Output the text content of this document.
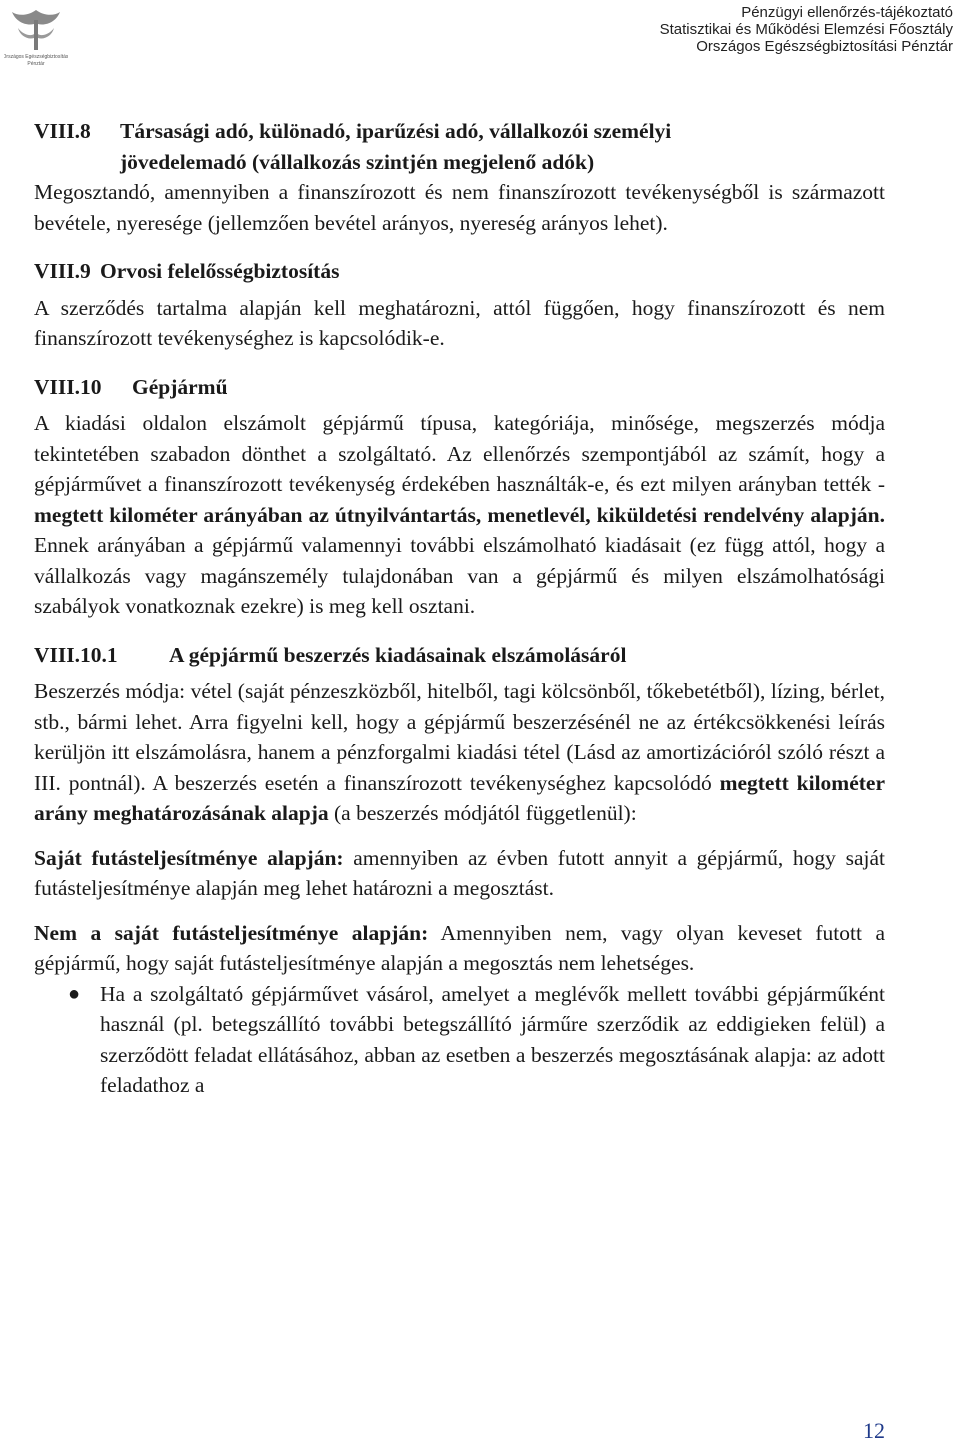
Országos Egészségbiztosítási
Pénztár
Pénzügyi ellenőrzés-tájékoztató
Statisztikai és Működési Elemzési Főosztály
Országos Egészségbiztosítási Pénztár

VIII.8 Társasági adó, különadó, iparűzési adó, vállalkozói személyi

jövedelemadó (vállalkozás szintjén megjelenő adók)

Megosztandó, amennyiben a finanszírozott és nem finanszírozott tevékenységből is származott bevétele, nyeresége (jellemzően bevétel arányos, nyereség arányos lehet).

VIII.9 Orvosi felelősségbiztosítás

A szerződés tartalma alapján kell meghatározni, attól függően, hogy finanszírozott és nem finanszírozott tevékenységhez is kapcsolódik-e.

VIII.10 Gépjármű

A kiadási oldalon elszámolt gépjármű típusa, kategóriája, minősége, megszerzés módja tekintetében szabadon dönthet a szolgáltató. Az ellenőrzés szempontjából az számít, hogy a gépjárművet a finanszírozott tevékenység érdekében használták-e, és ezt milyen arányban tették - megtett kilométer arányában az útnyilvántartás, menetlevél, kiküldetési rendelvény alapján. Ennek arányában a gépjármű valamennyi további elszámolható kiadásait (ez függ attól, hogy a vállalkozás vagy magánszemély tulajdonában van a gépjármű és milyen elszámolhatósági szabályok vonatkoznak ezekre) is meg kell osztani.

VIII.10.1 A gépjármű beszerzés kiadásainak elszámolásáról

Beszerzés módja: vétel (saját pénzeszközből, hitelből, tagi kölcsönből, tőkebetétből), lízing, bérlet, stb., bármi lehet. Arra figyelni kell, hogy a gépjármű beszerzésénél ne az értékcsökkenési leírás kerüljön itt elszámolásra, hanem a pénzforgalmi kiadási tétel (Lásd az amortizációról szóló részt a III. pontnál). A beszerzés esetén a finanszírozott tevékenységhez kapcsolódó megtett kilométer arány meghatározásának alapja (a beszerzés módjától függetlenül):

Saját futásteljesítménye alapján: amennyiben az évben futott annyit a gépjármű, hogy saját futásteljesítménye alapján meg lehet határozni a megosztást.

Nem a saját futásteljesítménye alapján: Amennyiben nem, vagy olyan keveset futott a gépjármű, hogy saját futásteljesítménye alapján a megosztás nem lehetséges.

● Ha a szolgáltató gépjárművet vásárol, amelyet a meglévők mellett további gépjárműként használ (pl. betegszállító további betegszállító járműre szerződik az eddigieken felül) a szerződött feladat ellátásához, abban az esetben a beszerzés megosztásának alapja: az adott feladathoz a

12
